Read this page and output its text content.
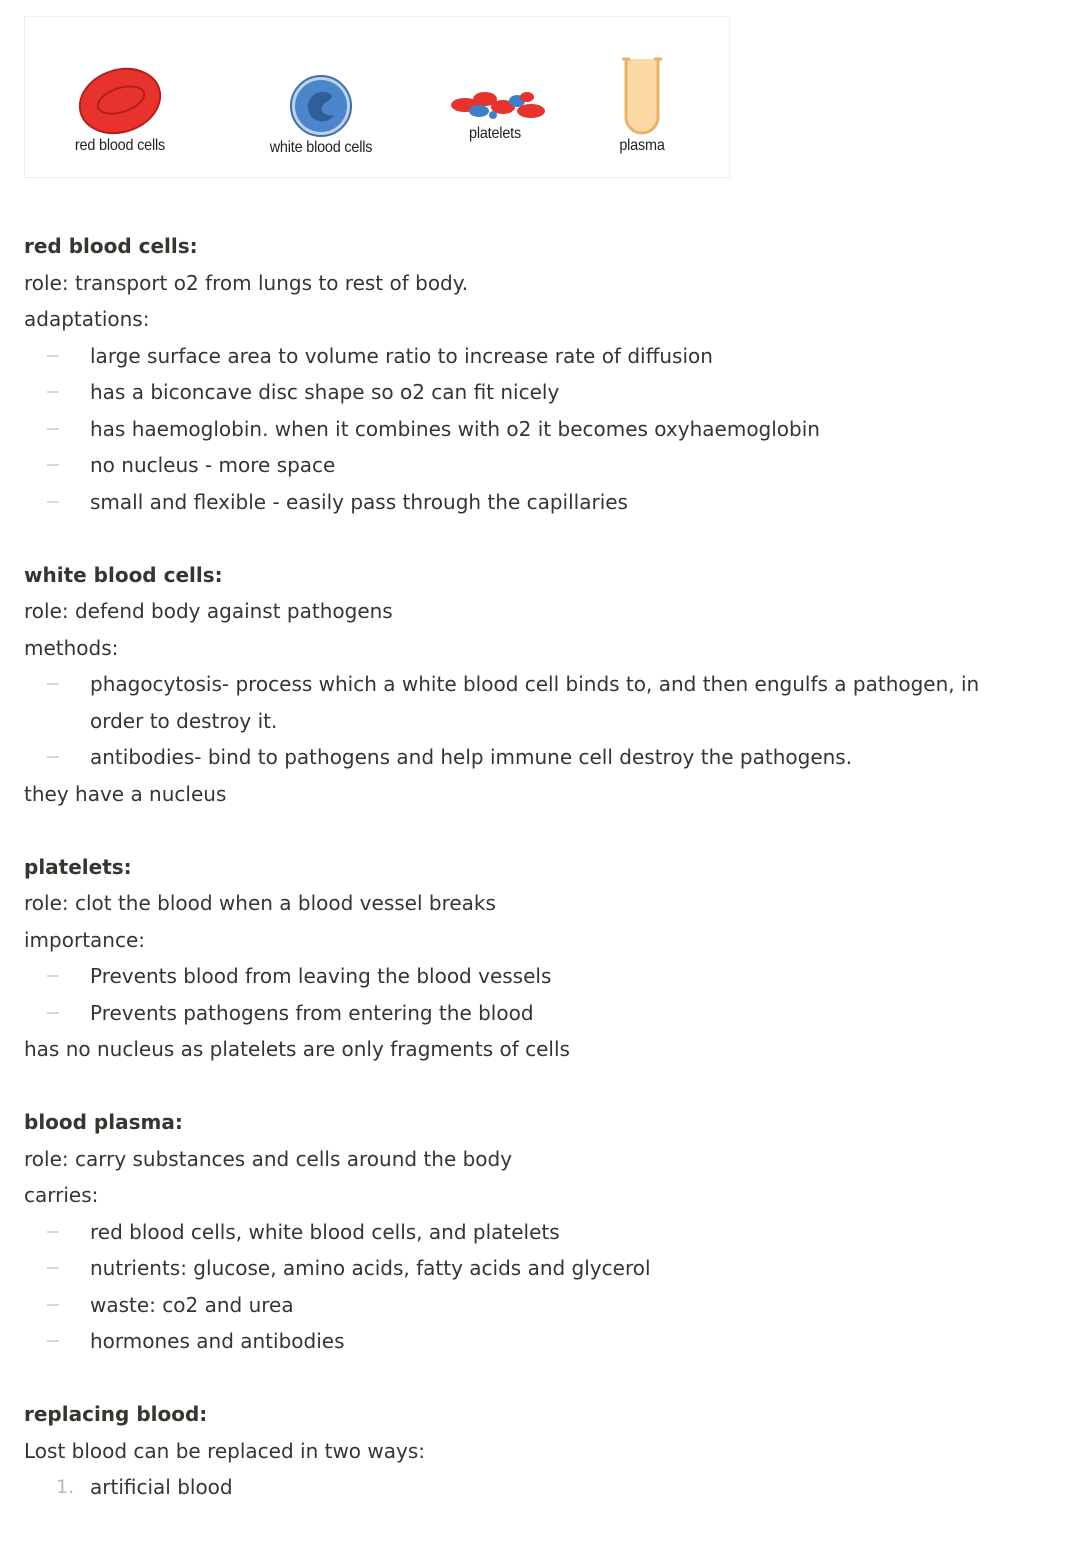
red blood cells	white blood cells
platelets
plasma
red blood cells:
role: transport o2 from lungs to rest of body.
adaptations:
large surface area to volume ratio to increase rate of diffusion
has a biconcave disc shape so o2 can fit nicely
has haemoglobin. when it combines with o2 it becomes oxyhaemoglobin
no nucleus - more space
small and flexible - easily pass through the capillaries
white blood cells:
role: defend body against pathogens
methods:
phagocytosis- process which a white blood cell binds to, and then engulfs a pathogen, in order to destroy it.
antibodies- bind to pathogens and help immune cell destroy the pathogens.
they have a nucleus
platelets:
role: clot the blood when a blood vessel breaks
importance:
Prevents blood from leaving the blood vessels
Prevents pathogens from entering the blood
has no nucleus as platelets are only fragments of cells
blood plasma:
role: carry substances and cells around the body
carries:
red blood cells, white blood cells, and platelets
nutrients: glucose, amino acids, fatty acids and glycerol
waste: co2 and urea
hormones and antibodies
replacing blood:
Lost blood can be replaced in two ways:
1. artificial blood
